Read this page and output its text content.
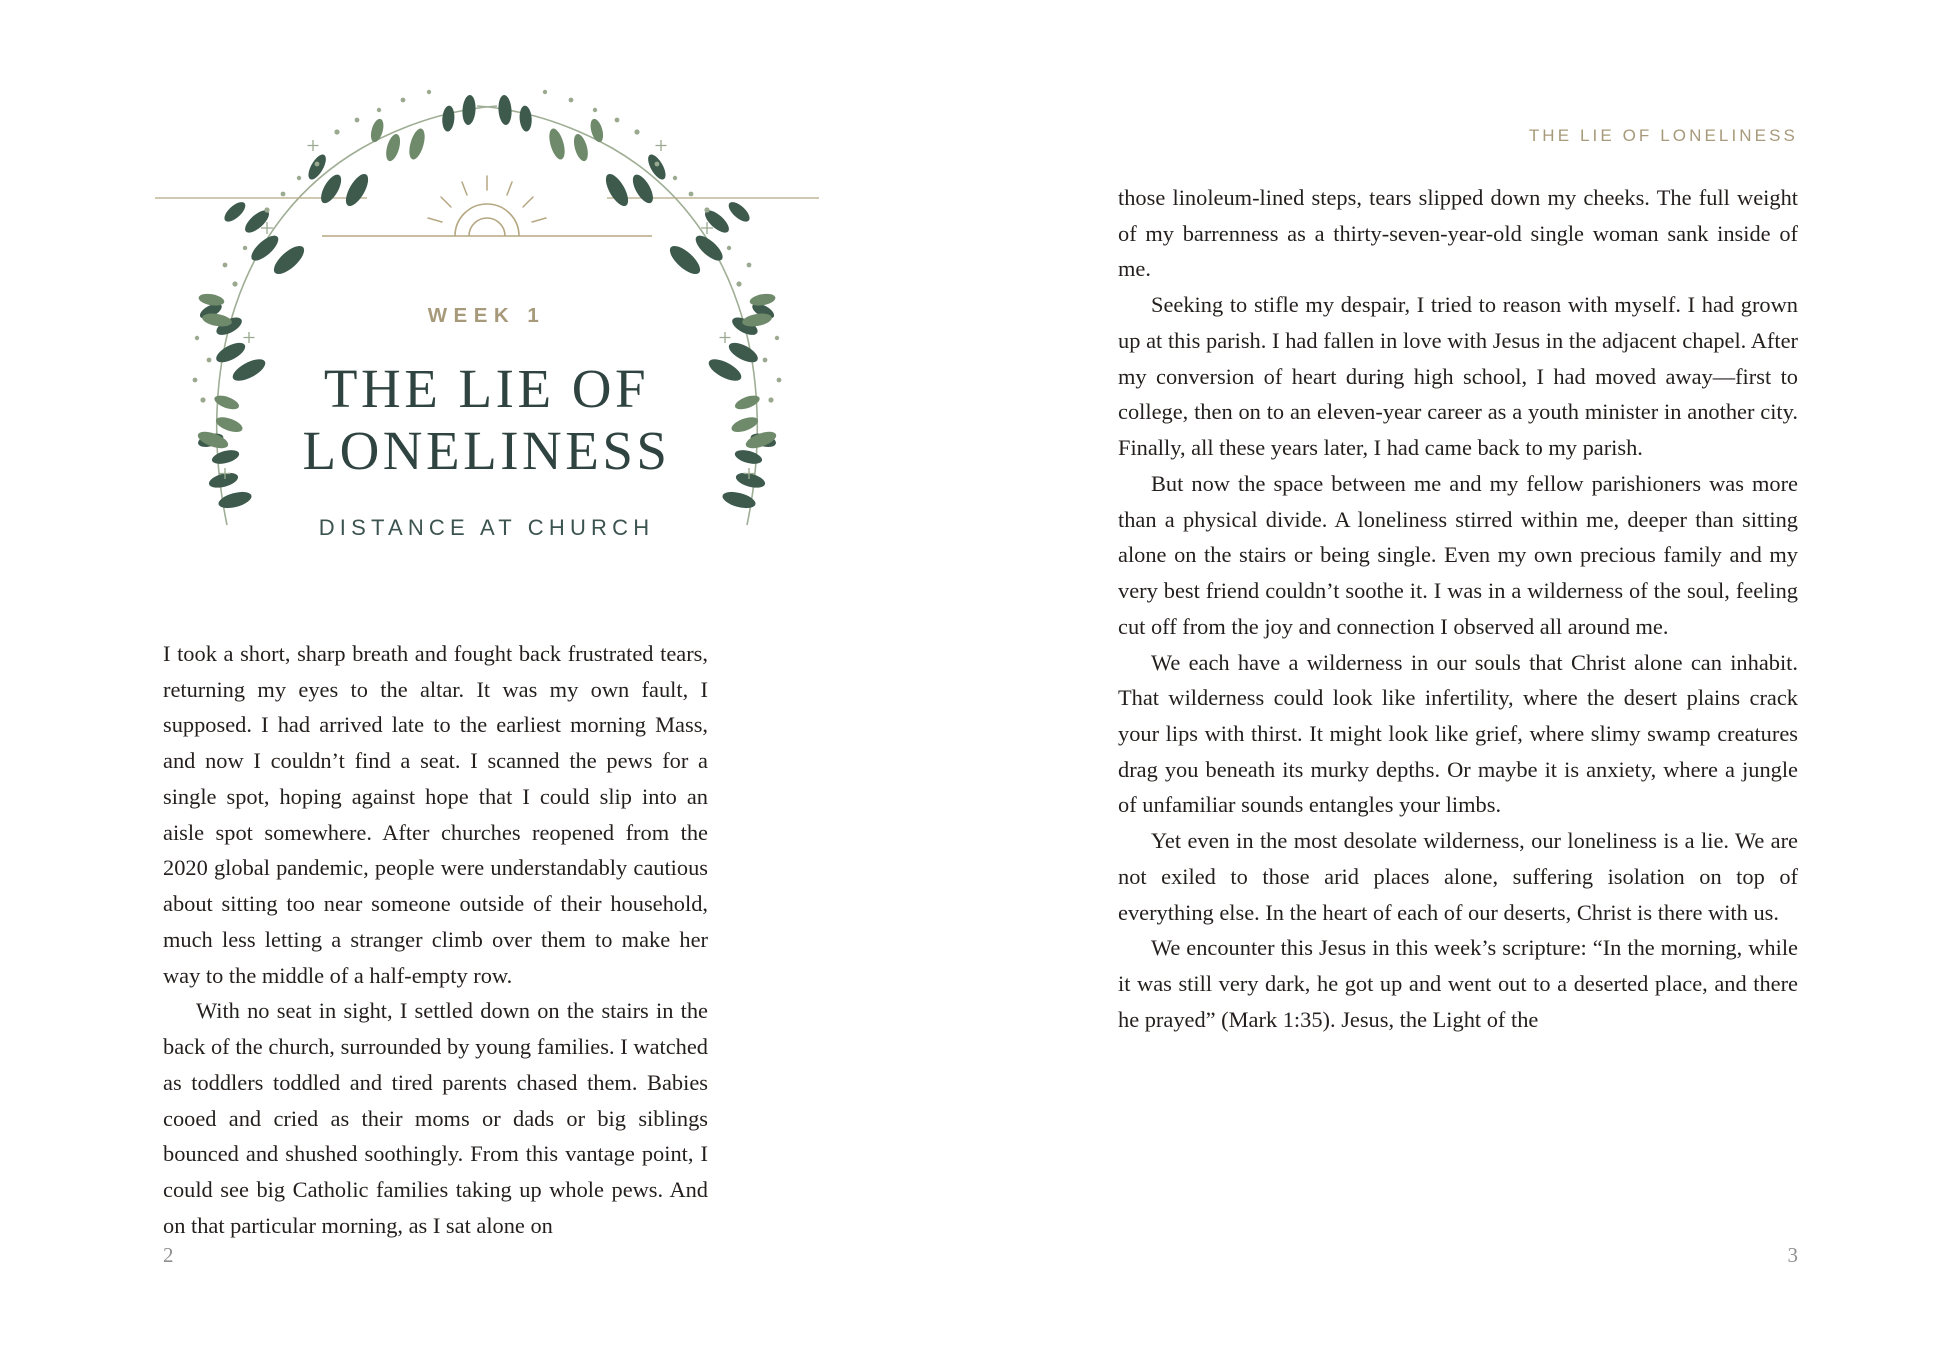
WEEK 1
THE LIE OF
LONELINESS
DISTANCE AT CHURCH

I took a short, sharp breath and fought back frustrated tears, returning my eyes to the altar. It was my own fault, I supposed. I had arrived late to the earliest morning Mass, and now I couldn’t find a seat. I scanned the pews for a single spot, hoping against hope that I could slip into an aisle spot somewhere. After churches reopened from the 2020 global pandemic, people were understandably cautious about sitting too near someone outside of their household, much less letting a stranger climb over them to make her way to the middle of a half-empty row.

With no seat in sight, I settled down on the stairs in the back of the church, surrounded by young families. I watched as toddlers toddled and tired parents chased them. Babies cooed and cried as their moms or dads or big siblings bounced and shushed soothingly. From this vantage point, I could see big Catholic families taking up whole pews. And on that particular morning, as I sat alone on

2
THE LIE OF LONELINESS

those linoleum-lined steps, tears slipped down my cheeks. The full weight of my barrenness as a thirty-seven-year-old single woman sank inside of me.

Seeking to stifle my despair, I tried to reason with myself. I had grown up at this parish. I had fallen in love with Jesus in the adjacent chapel. After my conversion of heart during high school, I had moved away—first to college, then on to an eleven-year career as a youth minister in another city. Finally, all these years later, I had came back to my parish.

But now the space between me and my fellow parishioners was more than a physical divide. A loneliness stirred within me, deeper than sitting alone on the stairs or being single. Even my own precious family and my very best friend couldn’t soothe it. I was in a wilderness of the soul, feeling cut off from the joy and connection I observed all around me.

We each have a wilderness in our souls that Christ alone can inhabit. That wilderness could look like infertility, where the desert plains crack your lips with thirst. It might look like grief, where slimy swamp creatures drag you beneath its murky depths. Or maybe it is anxiety, where a jungle of unfamiliar sounds entangles your limbs.

Yet even in the most desolate wilderness, our loneliness is a lie. We are not exiled to those arid places alone, suffering isolation on top of everything else. In the heart of each of our deserts, Christ is there with us.

We encounter this Jesus in this week’s scripture: “In the morning, while it was still very dark, he got up and went out to a deserted place, and there he prayed” (Mark 1:35). Jesus, the Light of the

3
